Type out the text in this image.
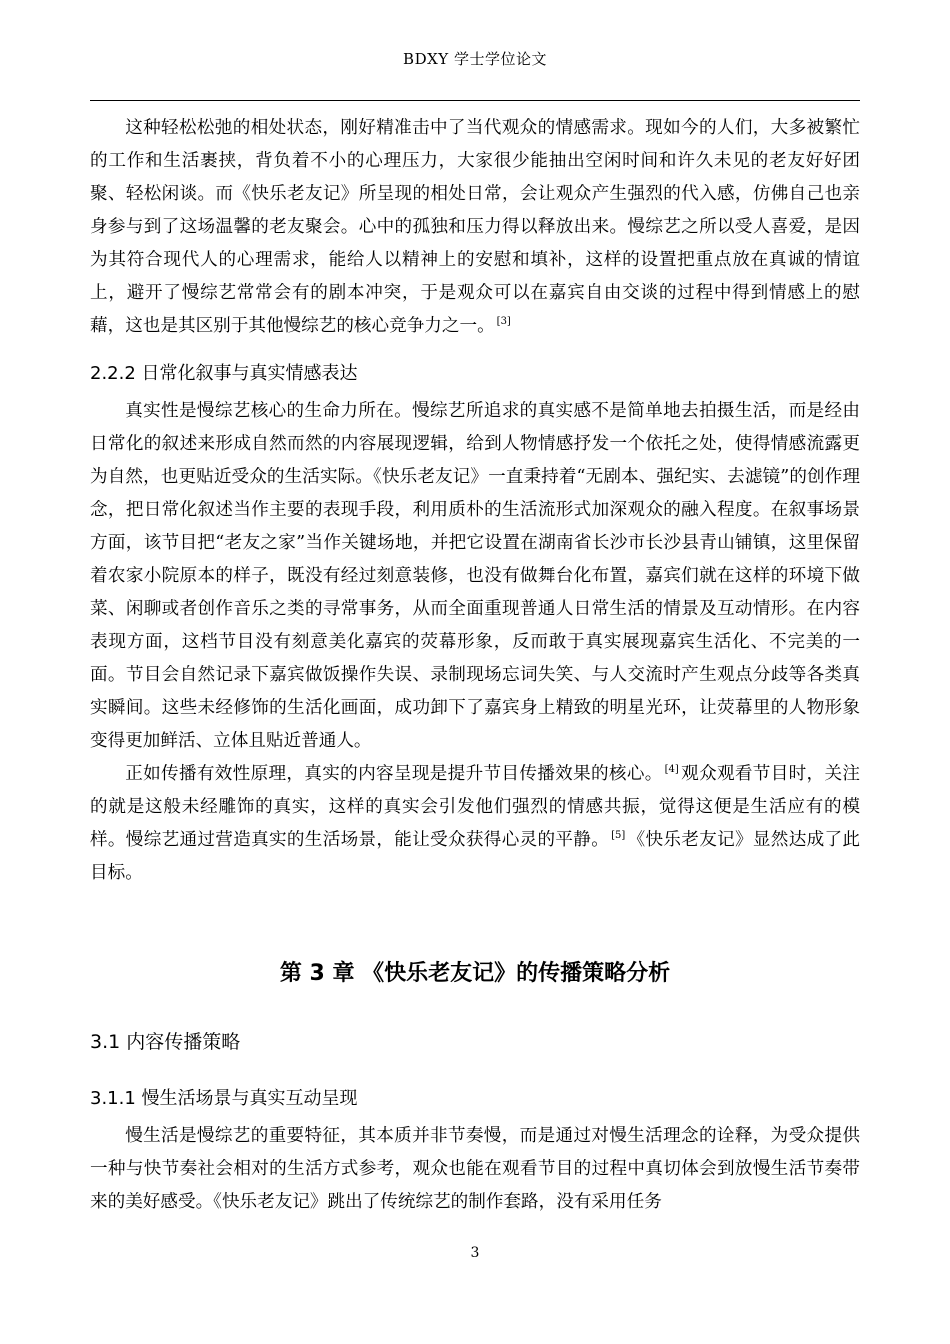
BDXY 学士学位论文

这种轻松松弛的相处状态，刚好精准击中了当代观众的情感需求。现如今的人们，大多被繁忙的工作和生活裹挟，背负着不小的心理压力，大家很少能抽出空闲时间和许久未见的老友好好团聚、轻松闲谈。而《快乐老友记》所呈现的相处日常，会让观众产生强烈的代入感，仿佛自己也亲身参与到了这场温馨的老友聚会。心中的孤独和压力得以释放出来。慢综艺之所以受人喜爱，是因为其符合现代人的心理需求，能给人以精神上的安慰和填补，这样的设置把重点放在真诚的情谊上，避开了慢综艺常常会有的剧本冲突，于是观众可以在嘉宾自由交谈的过程中得到情感上的慰藉，这也是其区别于其他慢综艺的核心竞争力之一。 [3]

2.2.2 日常化叙事与真实情感表达

真实性是慢综艺核心的生命力所在。慢综艺所追求的真实感不是简单地去拍摄生活，而是经由日常化的叙述来形成自然而然的内容展现逻辑，给到人物情感抒发一个依托之处，使得情感流露更为自然，也更贴近受众的生活实际。《快乐老友记》一直秉持着“无剧本、强纪实、去滤镜”的创作理念，把日常化叙述当作主要的表现手段，利用质朴的生活流形式加深观众的融入程度。在叙事场景方面，该节目把“老友之家”当作关键场地，并把它设置在湖南省长沙市长沙县青山铺镇，这里保留着农家小院原本的样子，既没有经过刻意装修，也没有做舞台化布置，嘉宾们就在这样的环境下做菜、闲聊或者创作音乐之类的寻常事务，从而全面重现普通人日常生活的情景及互动情形。在内容表现方面，这档节目没有刻意美化嘉宾的荧幕形象，反而敢于真实展现嘉宾生活化、不完美的一面。节目会自然记录下嘉宾做饭操作失误、录制现场忘词失笑、与人交流时产生观点分歧等各类真实瞬间。这些未经修饰的生活化画面，成功卸下了嘉宾身上精致的明星光环，让荧幕里的人物形象变得更加鲜活、立体且贴近普通人。

正如传播有效性原理，真实的内容呈现是提升节目传播效果的核心。 [4] 观众观看节目时，关注的就是这般未经雕饰的真实，这样的真实会引发他们强烈的情感共振，觉得这便是生活应有的模样。慢综艺通过营造真实的生活场景，能让受众获得心灵的平静。 [5] 《快乐老友记》显然达成了此目标。

第 3 章 《快乐老友记》的传播策略分析
3.1 内容传播策略
3.1.1 慢生活场景与真实互动呈现

慢生活是慢综艺的重要特征，其本质并非节奏慢，而是通过对慢生活理念的诠释，为受众提供一种与快节奏社会相对的生活方式参考，观众也能在观看节目的过程中真切体会到放慢生活节奏带来的美好感受。《快乐老友记》跳出了传统综艺的制作套路，没有采用任务

3
